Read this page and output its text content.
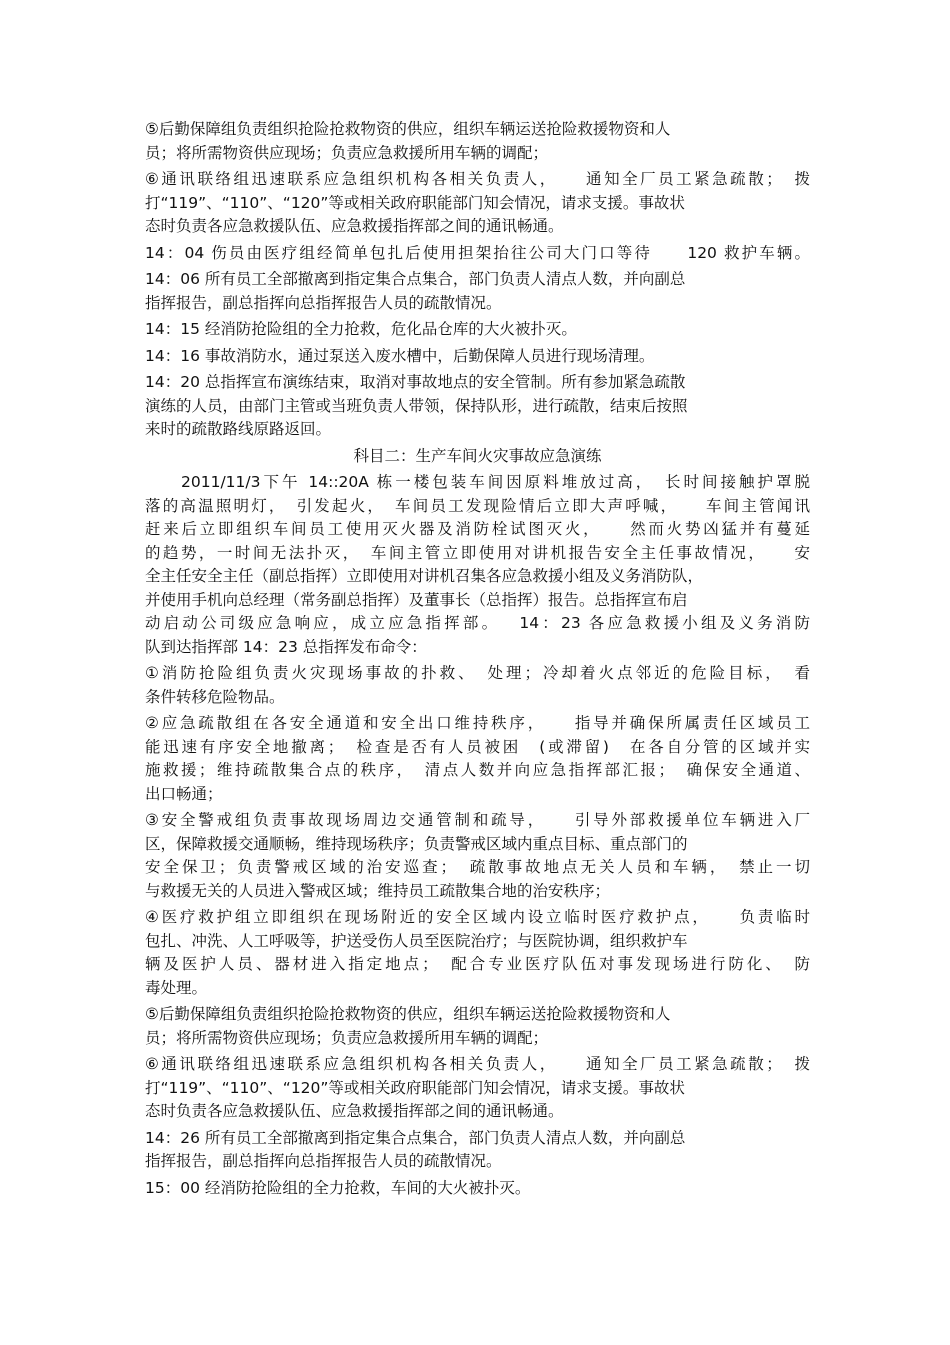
⑤后勤保障组负责组织抢险抢救物资的供应，组织车辆运送抢险救援物资和人
员；将所需物资供应现场；负责应急救援所用车辆的调配；
⑥通讯联络组迅速联系应急组织机构各相关负责人，　　通知全厂员工紧急疏散；　拨
打“119”、“110”、“120”等或相关政府职能部门知会情况，请求支援。事故状
态时负责各应急救援队伍、应急救援指挥部之间的通讯畅通。
14：04 伤员由医疗组经简单包扎后使用担架抬往公司大门口等待　　120 救护车辆。
14：06 所有员工全部撤离到指定集合点集合，部门负责人清点人数，并向副总
指挥报告，副总指挥向总指挥报告人员的疏散情况。
14：15 经消防抢险组的全力抢救，危化品仓库的大火被扑灭。
14：16 事故消防水，通过泵送入废水槽中，后勤保障人员进行现场清理。
14：20 总指挥宣布演练结束，取消对事故地点的安全管制。所有参加紧急疏散
演练的人员，由部门主管或当班负责人带领，保持队形，进行疏散，结束后按照
来时的疏散路线原路返回。
科目二：生产车间火灾事故应急演练
2011/11/3下午 14::20A 栋一楼包装车间因原料堆放过高，　长时间接触护罩脱
落的高温照明灯，　引发起火，　车间员工发现险情后立即大声呼喊，　　车间主管闻讯
赶来后立即组织车间员工使用灭火器及消防栓试图灭火，　　然而火势凶猛并有蔓延
的趋势，一时间无法扑灭，　车间主管立即使用对讲机报告安全主任事故情况，　　安
全主任安全主任（副总指挥）立即使用对讲机召集各应急救援小组及义务消防队，
并使用手机向总经理（常务副总指挥）及董事长（总指挥）报告。总指挥宣布启
动启动公司级应急响应，成立应急指挥部。　 14：23 各应急救援小组及义务消防
队到达指挥部 14：23 总指挥发布命令：
①消防抢险组负责火灾现场事故的扑救、　处理；冷却着火点邻近的危险目标，　看
条件转移危险物品。
②应急疏散组在各安全通道和安全出口维持秩序，　　指导并确保所属责任区域员工
能迅速有序安全地撤离；　检查是否有人员被困　(或滞留)　在各自分管的区域并实
施救援；维持疏散集合点的秩序，　清点人数并向应急指挥部汇报；　确保安全通道、
出口畅通；
③安全警戒组负责事故现场周边交通管制和疏导，　　引导外部救援单位车辆进入厂
区，保障救援交通顺畅，维持现场秩序；负责警戒区域内重点目标、重点部门的
安全保卫；负责警戒区域的治安巡查；　疏散事故地点无关人员和车辆，　禁止一切
与救援无关的人员进入警戒区域；维持员工疏散集合地的治安秩序；
④医疗救护组立即组织在现场附近的安全区域内设立临时医疗救护点，　　负责临时
包扎、冲洗、人工呼吸等，护送受伤人员至医院治疗；与医院协调，组织救护车
辆及医护人员、器材进入指定地点；　配合专业医疗队伍对事发现场进行防化、　防
毒处理。
⑤后勤保障组负责组织抢险抢救物资的供应，组织车辆运送抢险救援物资和人
员；将所需物资供应现场；负责应急救援所用车辆的调配；
⑥通讯联络组迅速联系应急组织机构各相关负责人，　　通知全厂员工紧急疏散；　拨
打“119”、“110”、“120”等或相关政府职能部门知会情况，请求支援。事故状
态时负责各应急救援队伍、应急救援指挥部之间的通讯畅通。
14：26 所有员工全部撤离到指定集合点集合，部门负责人清点人数，并向副总
指挥报告，副总指挥向总指挥报告人员的疏散情况。
15：00 经消防抢险组的全力抢救，车间的大火被扑灭。
